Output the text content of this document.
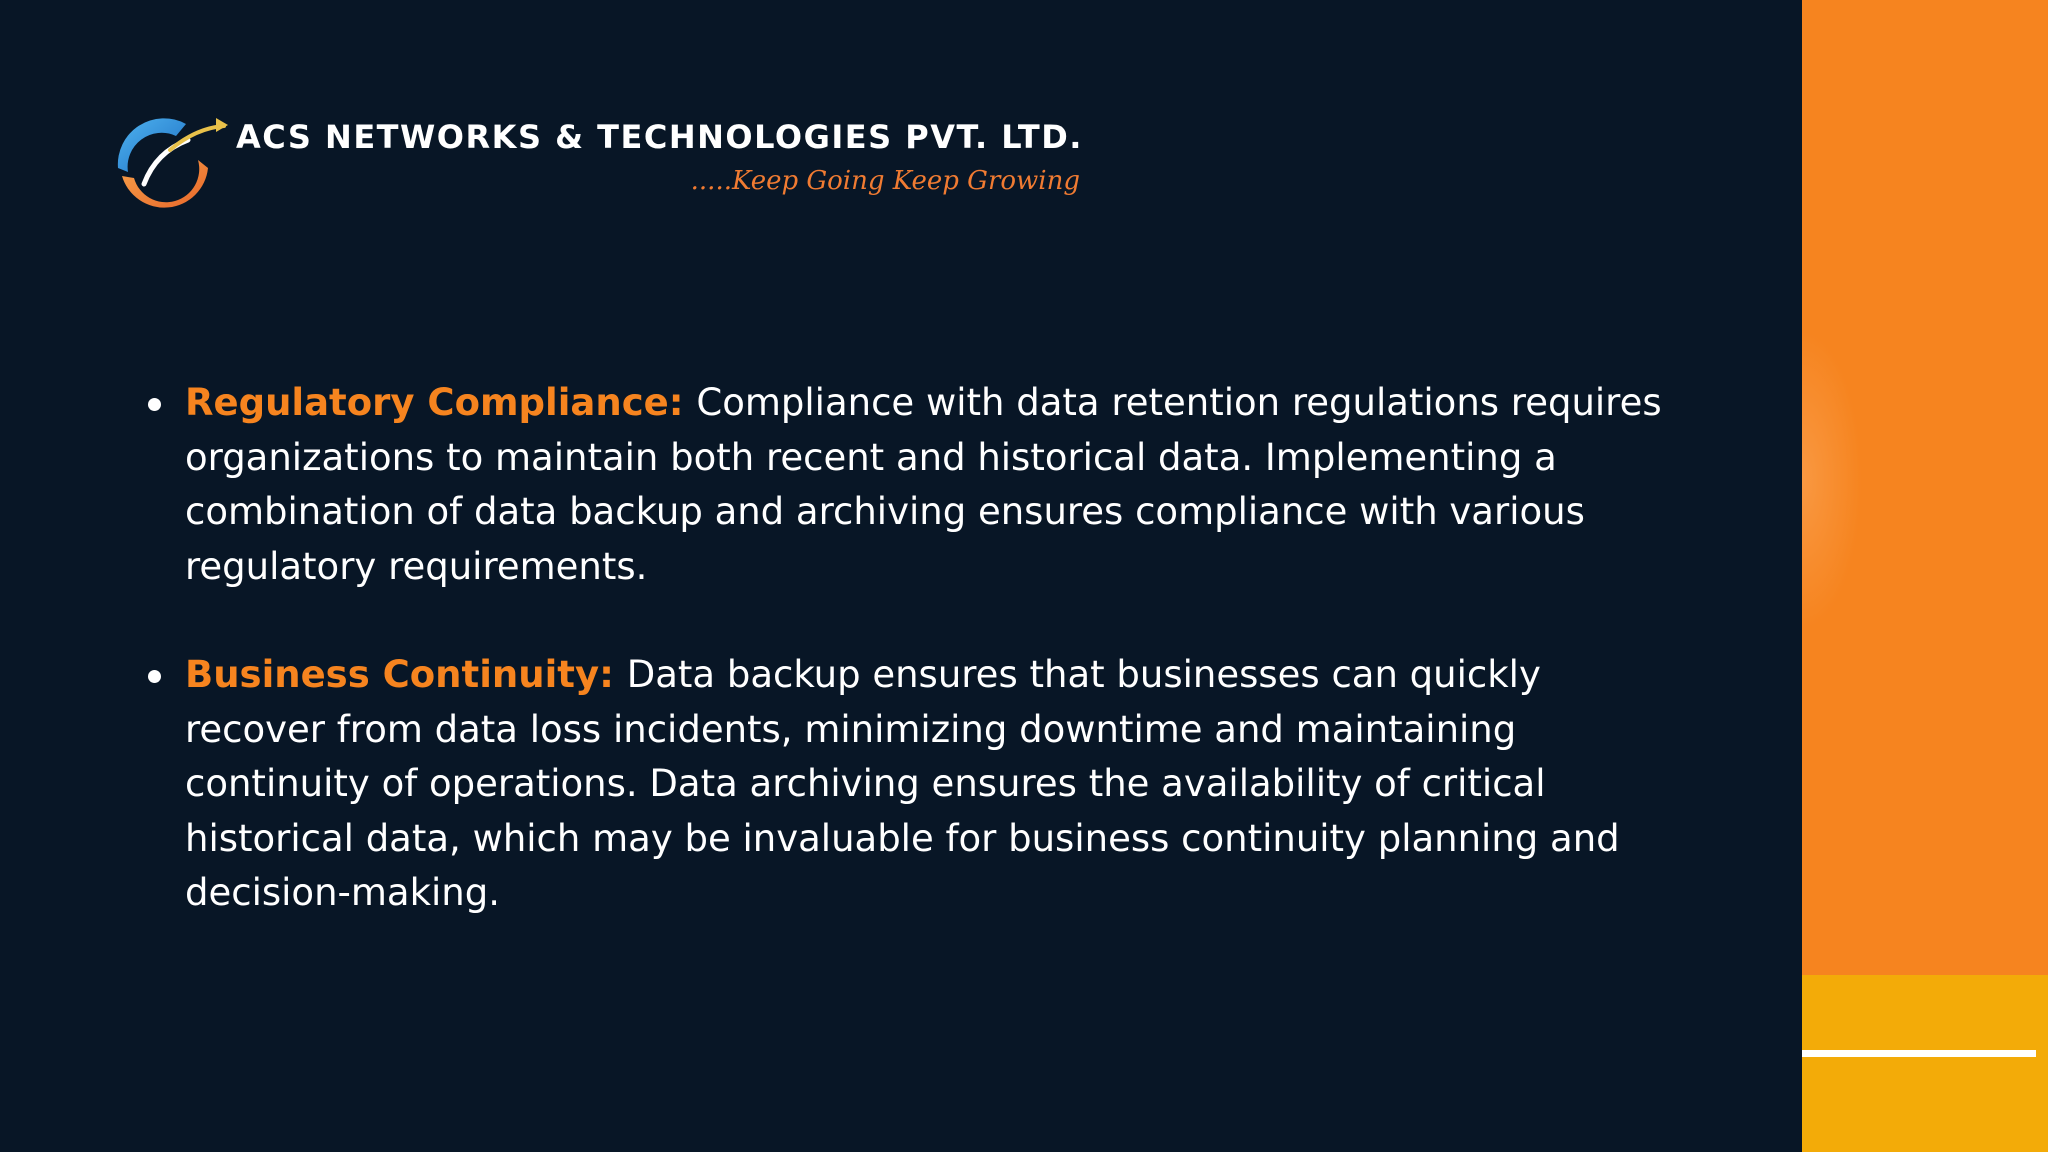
ACS NETWORKS & TECHNOLOGIES PVT. LTD.
.....Keep Going Keep Growing
Regulatory Compliance: Compliance with data retention regulations requires organizations to maintain both recent and historical data. Implementing a combination of data backup and archiving ensures compliance with various regulatory requirements.
Business Continuity: Data backup ensures that businesses can quickly recover from data loss incidents, minimizing downtime and maintaining continuity of operations. Data archiving ensures the availability of critical historical data, which may be invaluable for business continuity planning and decision-making.
